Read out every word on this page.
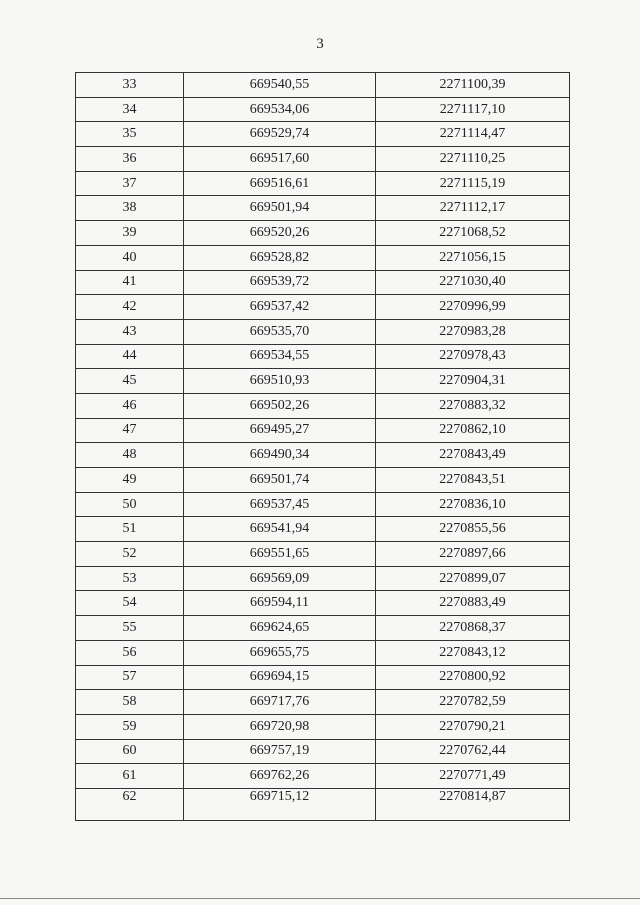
3
33	669540,55	2271100,39
34	669534,06	2271117,10
35	669529,74	2271114,47
36	669517,60	2271110,25
37	669516,61	2271115,19
38	669501,94	2271112,17
39	669520,26	2271068,52
40	669528,82	2271056,15
41	669539,72	2271030,40
42	669537,42	2270996,99
43	669535,70	2270983,28
44	669534,55	2270978,43
45	669510,93	2270904,31
46	669502,26	2270883,32
47	669495,27	2270862,10
48	669490,34	2270843,49
49	669501,74	2270843,51
50	669537,45	2270836,10
51	669541,94	2270855,56
52	669551,65	2270897,66
53	669569,09	2270899,07
54	669594,11	2270883,49
55	669624,65	2270868,37
56	669655,75	2270843,12
57	669694,15	2270800,92
58	669717,76	2270782,59
59	669720,98	2270790,21
60	669757,19	2270762,44
61	669762,26	2270771,49
62	669715,12	2270814,87
